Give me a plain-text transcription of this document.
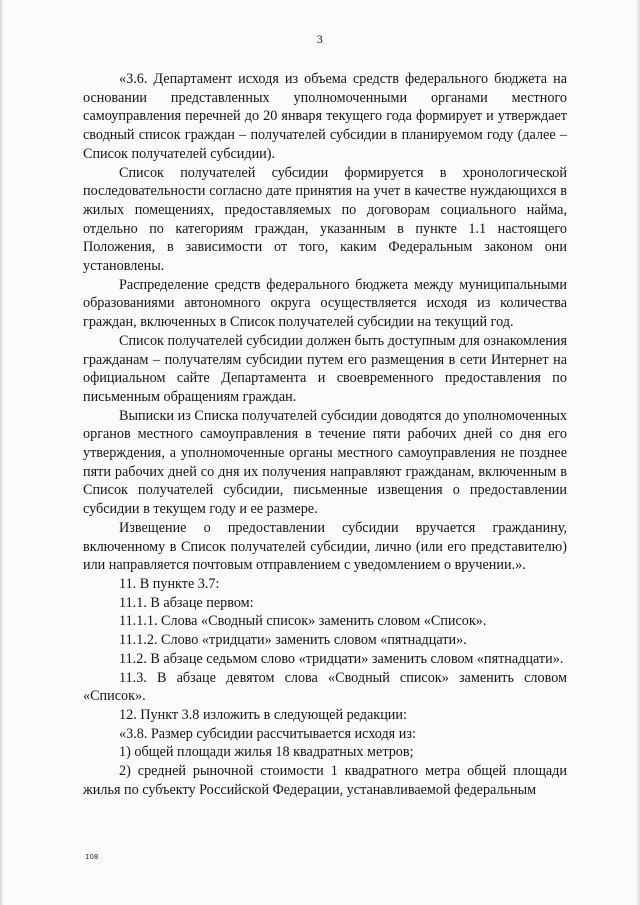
3

«3.6. Департамент исходя из объема средств федерального бюджета на основании представленных уполномоченными органами местного самоуправления перечней до 20 января текущего года формирует и утверждает сводный список граждан – получателей субсидии в планируемом году (далее – Список получателей субсидии).

Список получателей субсидии формируется в хронологической последовательности согласно дате принятия на учет в качестве нуждающихся в жилых помещениях, предоставляемых по договорам социального найма, отдельно по категориям граждан, указанным в пункте 1.1 настоящего Положения, в зависимости от того, каким Федеральным законом они установлены.

Распределение средств федерального бюджета между муниципальными образованиями автономного округа осуществляется исходя из количества граждан, включенных в Список получателей субсидии на текущий год.

Список получателей субсидии должен быть доступным для ознакомления гражданам – получателям субсидии путем его размещения в сети Интернет на официальном сайте Департамента и своевременного предоставления по письменным обращениям граждан.

Выписки из Списка получателей субсидии доводятся до уполномоченных органов местного самоуправления в течение пяти рабочих дней со дня его утверждения, а уполномоченные органы местного самоуправления не позднее пяти рабочих дней со дня их получения направляют гражданам, включенным в Список получателей субсидии, письменные извещения о предоставлении субсидии в текущем году и ее размере.

Извещение о предоставлении субсидии вручается гражданину, включенному в Список получателей субсидии, лично (или его представителю) или направляется почтовым отправлением с уведомлением о вручении.».

11. В пункте 3.7:

11.1. В абзаце первом:

11.1.1. Слова «Сводный список» заменить словом «Список».

11.1.2. Слово «тридцати» заменить словом «пятнадцати».

11.2. В абзаце седьмом слово «тридцати» заменить словом «пятнадцати».

11.3. В абзаце девятом слова «Сводный список» заменить словом «Список».

12. Пункт 3.8 изложить в следующей редакции:

«3.8. Размер субсидии рассчитывается исходя из:

1) общей площади жилья 18 квадратных метров;

2) средней рыночной стоимости 1 квадратного метра общей площади жилья по субъекту Российской Федерации, устанавливаемой федеральным

108
